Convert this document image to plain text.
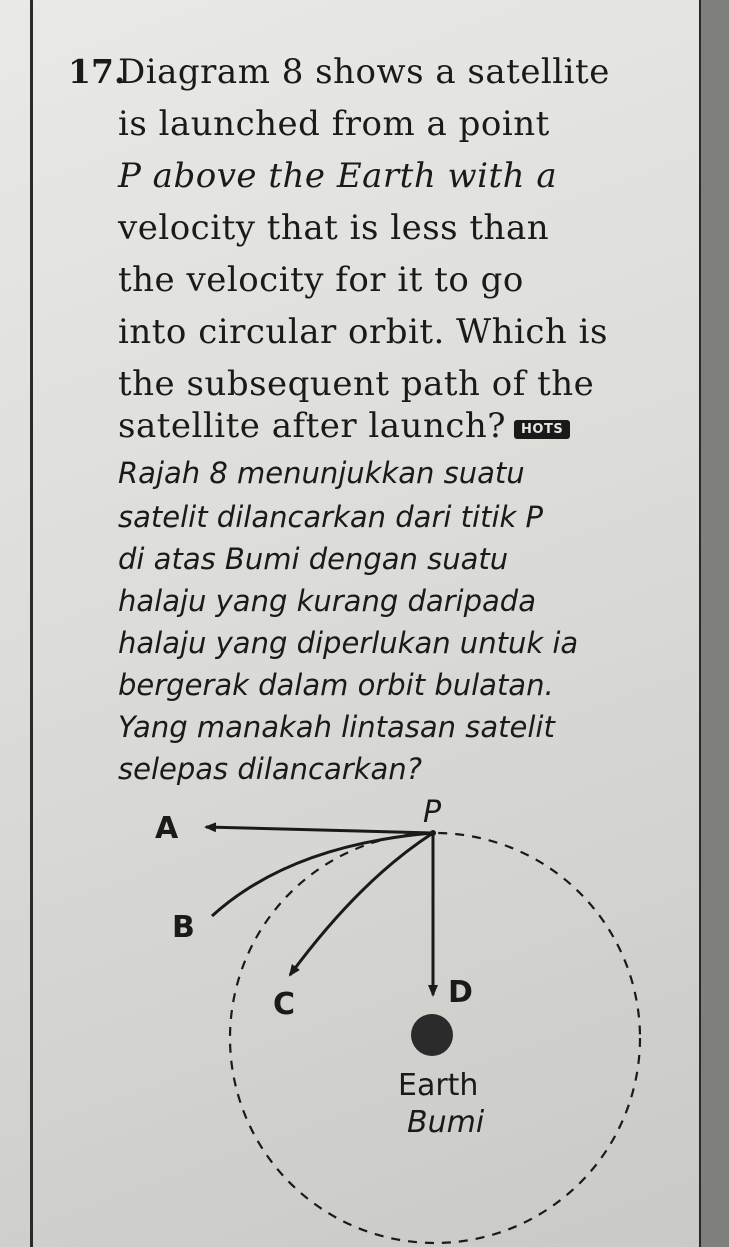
17.
Diagram 8 shows a satellite
is launched from a point
P above the Earth with a
velocity that is less than
the velocity for it to go
into circular orbit. Which is
the subsequent path of the
satellite after launch? HOTS
Rajah 8 menunjukkan suatu
satelit dilancarkan dari titik P
di atas Bumi dengan suatu
halaju yang kurang daripada
halaju yang diperlukan untuk ia
bergerak dalam orbit bulatan.
Yang manakah lintasan satelit
selepas dilancarkan?
P
A
B
C	D
Earth
Bumi
